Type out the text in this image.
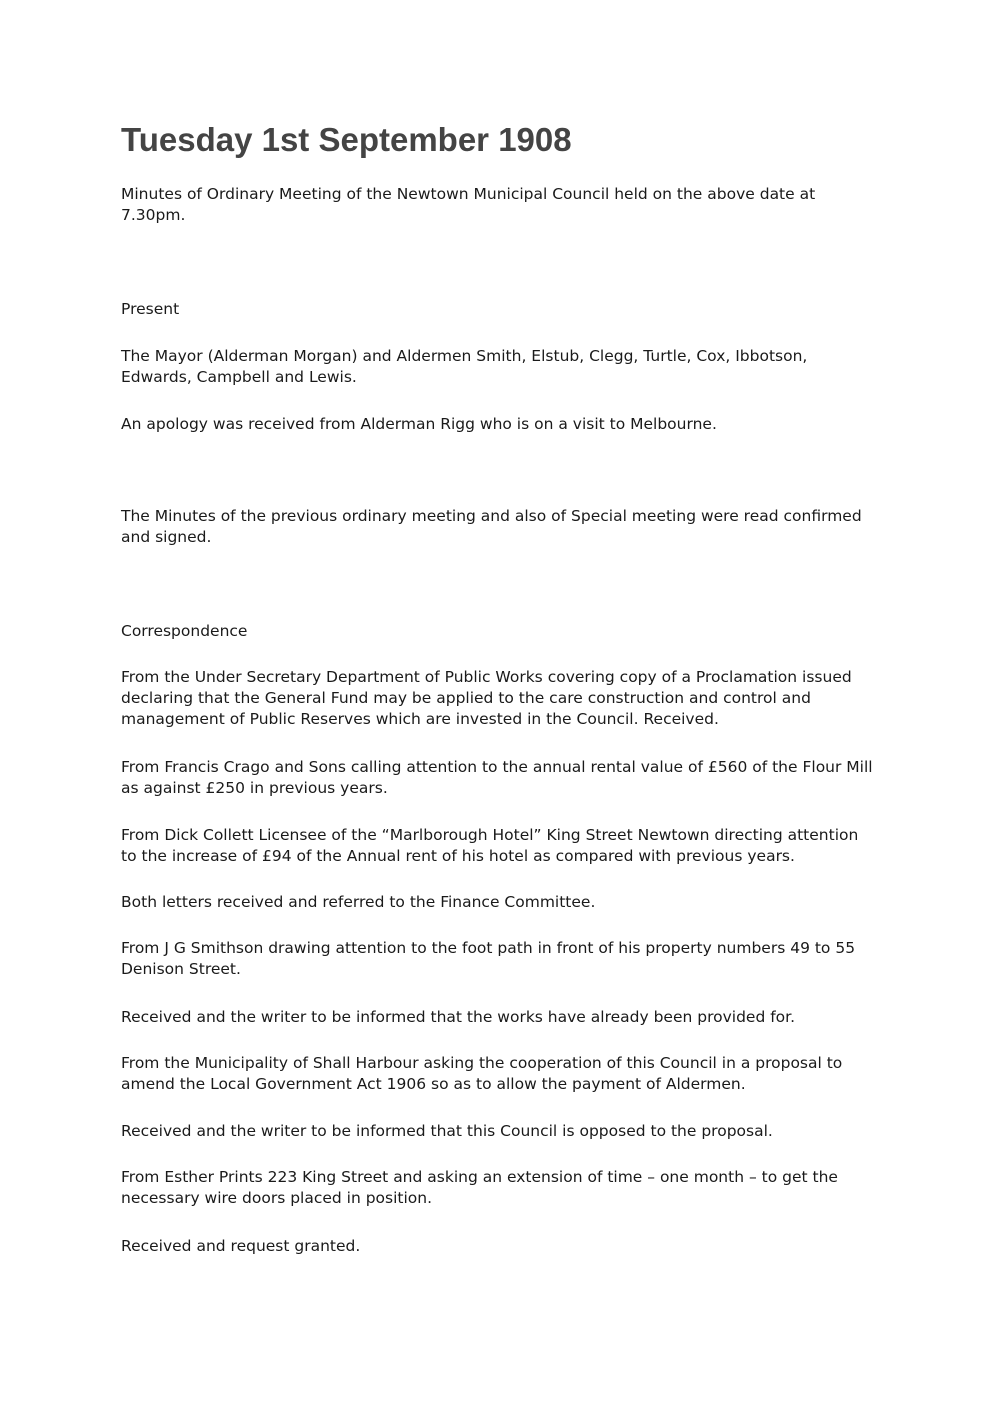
Tuesday 1st September 1908

Minutes of Ordinary Meeting of the Newtown Municipal Council held on the above date at
7.30pm.

Present

The Mayor (Alderman Morgan) and Aldermen Smith, Elstub, Clegg, Turtle, Cox, Ibbotson,
Edwards, Campbell and Lewis.

An apology was received from Alderman Rigg who is on a visit to Melbourne.

The Minutes of the previous ordinary meeting and also of Special meeting were read confirmed
and signed.

Correspondence

From the Under Secretary Department of Public Works covering copy of a Proclamation issued
declaring that the General Fund may be applied to the care construction and control and
management of Public Reserves which are invested in the Council. Received.

From Francis Crago and Sons calling attention to the annual rental value of £560 of the Flour Mill
as against £250 in previous years.

From Dick Collett Licensee of the “Marlborough Hotel” King Street Newtown directing attention
to the increase of £94 of the Annual rent of his hotel as compared with previous years.

Both letters received and referred to the Finance Committee.

From J G Smithson drawing attention to the foot path in front of his property numbers 49 to 55
Denison Street.

Received and the writer to be informed that the works have already been provided for.

From the Municipality of Shall Harbour asking the cooperation of this Council in a proposal to
amend the Local Government Act 1906 so as to allow the payment of Aldermen.

Received and the writer to be informed that this Council is opposed to the proposal.

From Esther Prints 223 King Street and asking an extension of time – one month – to get the
necessary wire doors placed in position.

Received and request granted.
